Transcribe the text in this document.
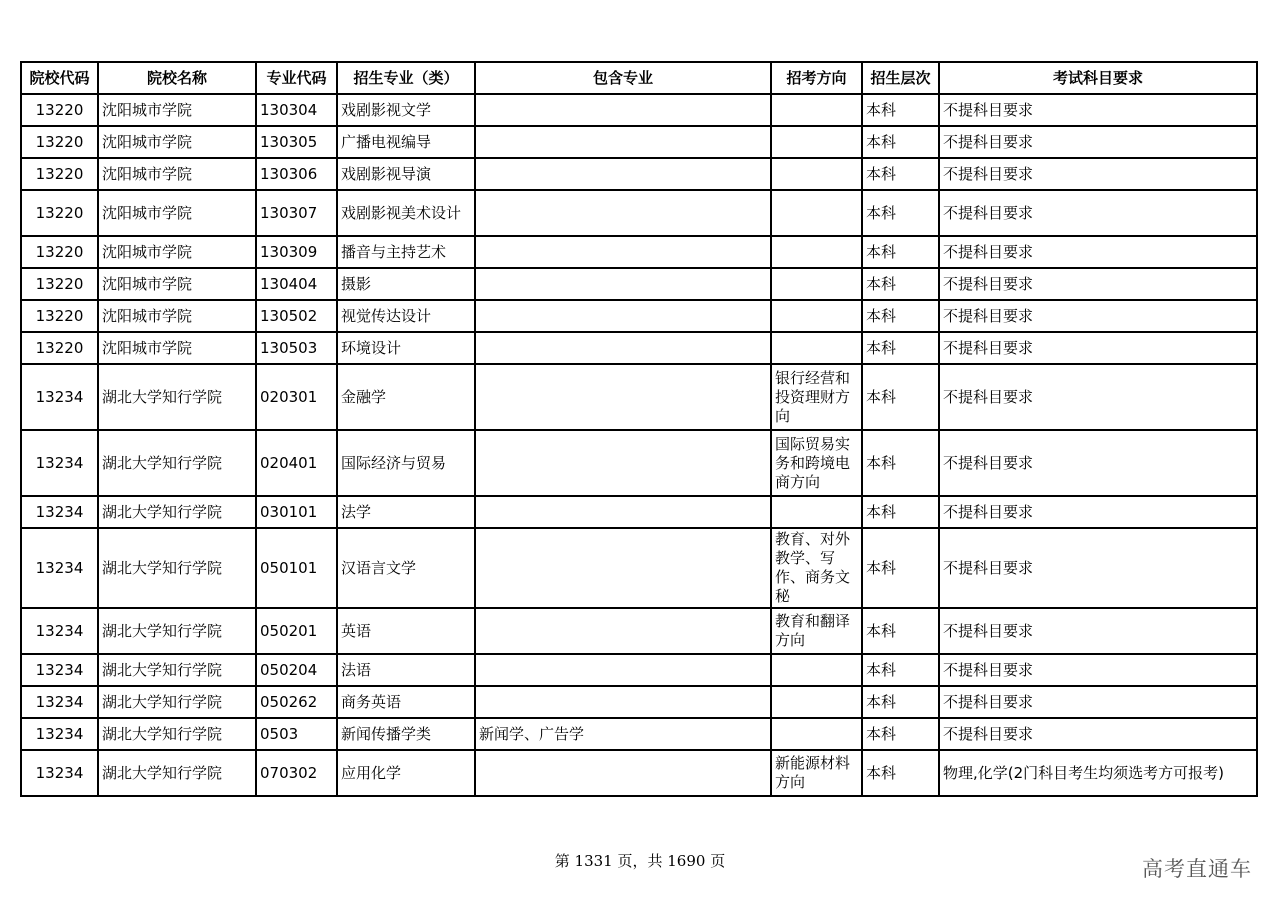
院校代码	院校名称	专业代码	招生专业（类）	包含专业	招考方向	招生层次	考试科目要求
13220	沈阳城市学院	130304	戏剧影视文学			本科	不提科目要求
13220	沈阳城市学院	130305	广播电视编导			本科	不提科目要求
13220	沈阳城市学院	130306	戏剧影视导演			本科	不提科目要求
13220	沈阳城市学院	130307	戏剧影视美术设计			本科	不提科目要求
13220	沈阳城市学院	130309	播音与主持艺术			本科	不提科目要求
13220	沈阳城市学院	130404	摄影			本科	不提科目要求
13220	沈阳城市学院	130502	视觉传达设计			本科	不提科目要求
13220	沈阳城市学院	130503	环境设计			本科	不提科目要求
13234	湖北大学知行学院	020301	金融学		银行经营和投资理财方向	本科	不提科目要求
13234	湖北大学知行学院	020401	国际经济与贸易		国际贸易实务和跨境电商方向	本科	不提科目要求
13234	湖北大学知行学院	030101	法学			本科	不提科目要求
13234	湖北大学知行学院	050101	汉语言文学		教育、对外教学、写作、商务文秘	本科	不提科目要求
13234	湖北大学知行学院	050201	英语		教育和翻译方向	本科	不提科目要求
13234	湖北大学知行学院	050204	法语			本科	不提科目要求
13234	湖北大学知行学院	050262	商务英语			本科	不提科目要求
13234	湖北大学知行学院	0503	新闻传播学类	新闻学、广告学		本科	不提科目要求
13234	湖北大学知行学院	070302	应用化学		新能源材料方向	本科	物理,化学(2门科目考生均须选考方可报考)
第 1331 页，共 1690 页	高考直通车
